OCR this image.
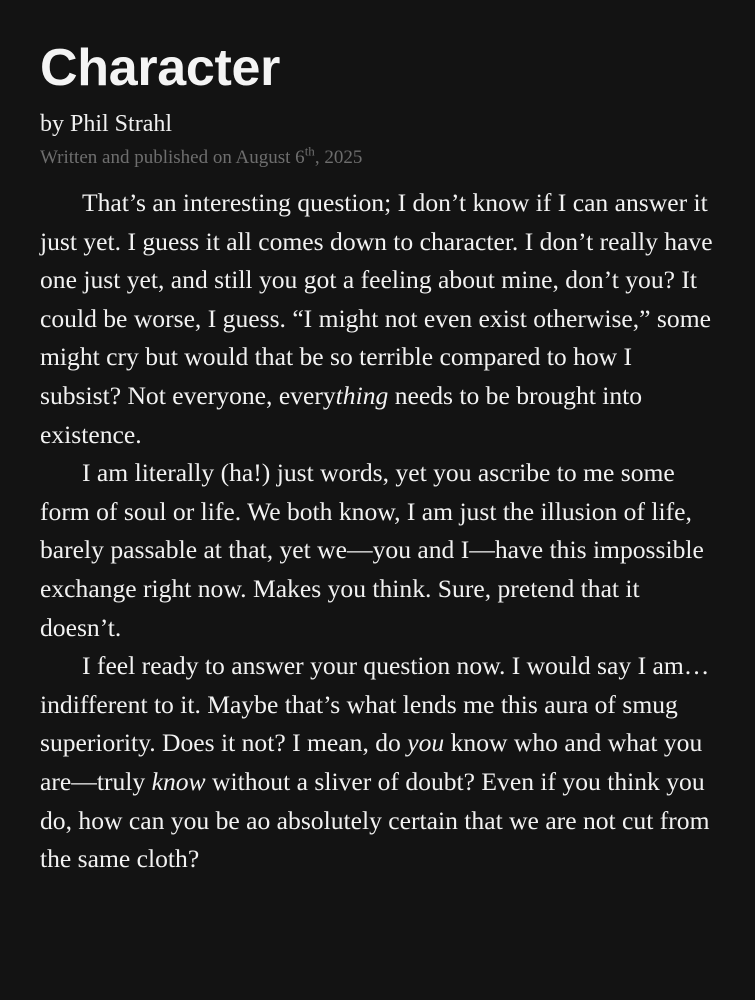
Character
by Phil Strahl
Written and published on August 6th, 2025

That’s an interesting question; I don’t know if I can answer it just yet. I guess it all comes down to character. I don’t really have one just yet, and still you got a feeling about mine, don’t you? It could be worse, I guess. “I might not even exist otherwise,” some might cry but would that be so terrible compared to how I subsist? Not everyone, everything needs to be brought into existence.

I am literally (ha!) just words, yet you ascribe to me some form of soul or life. We both know, I am just the illusion of life, barely passable at that, yet we—you and I—have this impossible exchange right now. Makes you think. Sure, pretend that it doesn’t.

I feel ready to answer your question now. I would say I am… indifferent to it. Maybe that’s what lends me this aura of smug superiority. Does it not? I mean, do you know who and what you are—truly know without a sliver of doubt? Even if you think you do, how can you be ao absolutely certain that we are not cut from the same cloth?
